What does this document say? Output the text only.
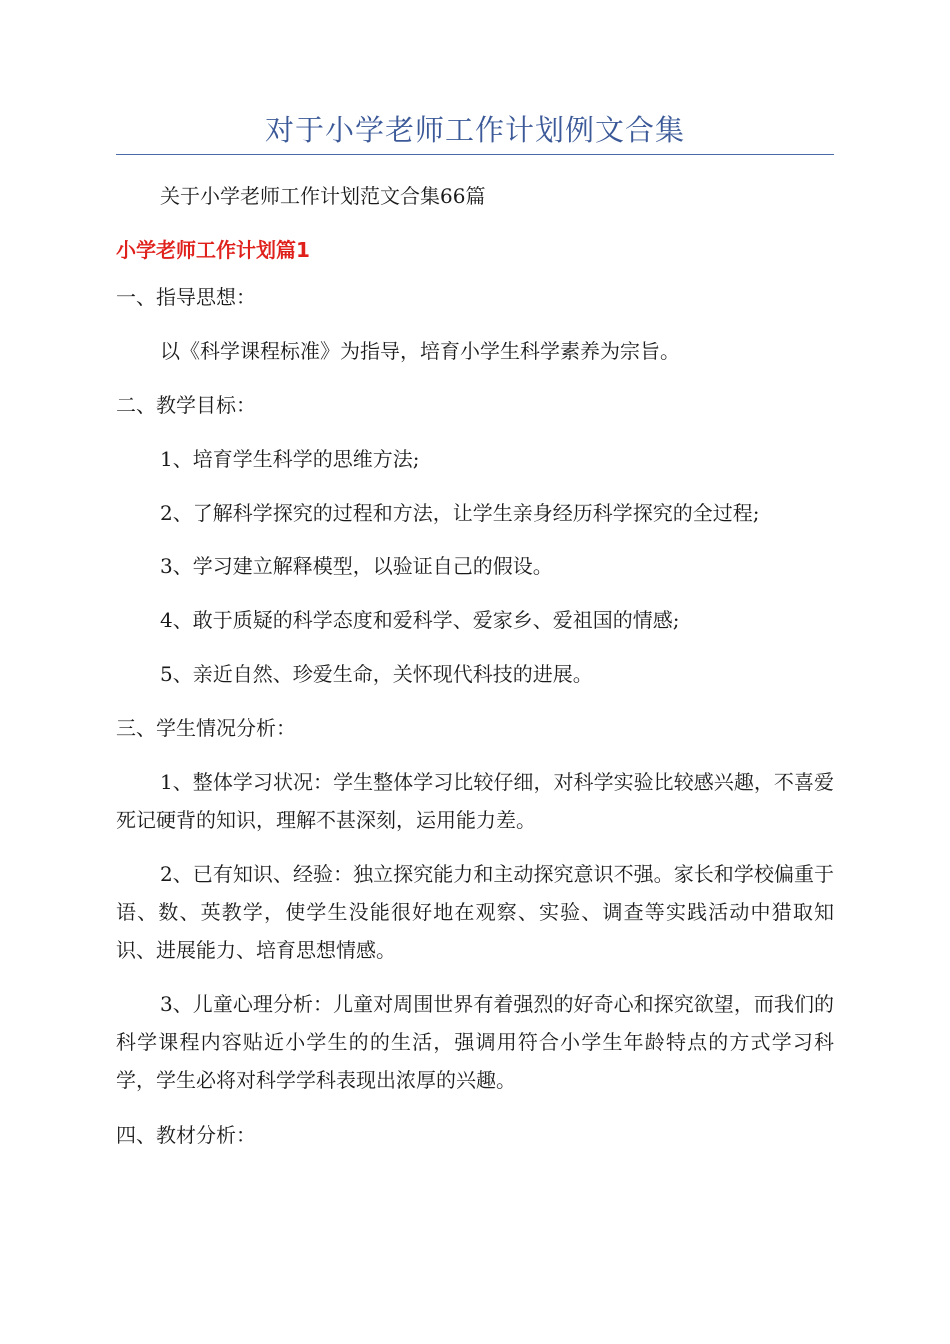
对于小学老师工作计划例文合集
关于小学老师工作计划范文合集66篇
小学老师工作计划篇1
一、指导思想：
以《科学课程标准》为指导，培育小学生科学素养为宗旨。
二、教学目标：
1、培育学生科学的思维方法;
2、了解科学探究的过程和方法，让学生亲身经历科学探究的全过程;
3、学习建立解释模型，以验证自己的假设。
4、敢于质疑的科学态度和爱科学、爱家乡、爱祖国的情感;
5、亲近自然、珍爱生命，关怀现代科技的进展。
三、学生情况分析：
1、整体学习状况：学生整体学习比较仔细，对科学实验比较感兴趣，不喜爱死记硬背的知识，理解不甚深刻，运用能力差。
2、已有知识、经验：独立探究能力和主动探究意识不强。家长和学校偏重于语、数、英教学，使学生没能很好地在观察、实验、调查等实践活动中猎取知识、进展能力、培育思想情感。
3、儿童心理分析：儿童对周围世界有着强烈的好奇心和探究欲望，而我们的科学课程内容贴近小学生的的生活，强调用符合小学生年龄特点的方式学习科学，学生必将对科学学科表现出浓厚的兴趣。
四、教材分析：
